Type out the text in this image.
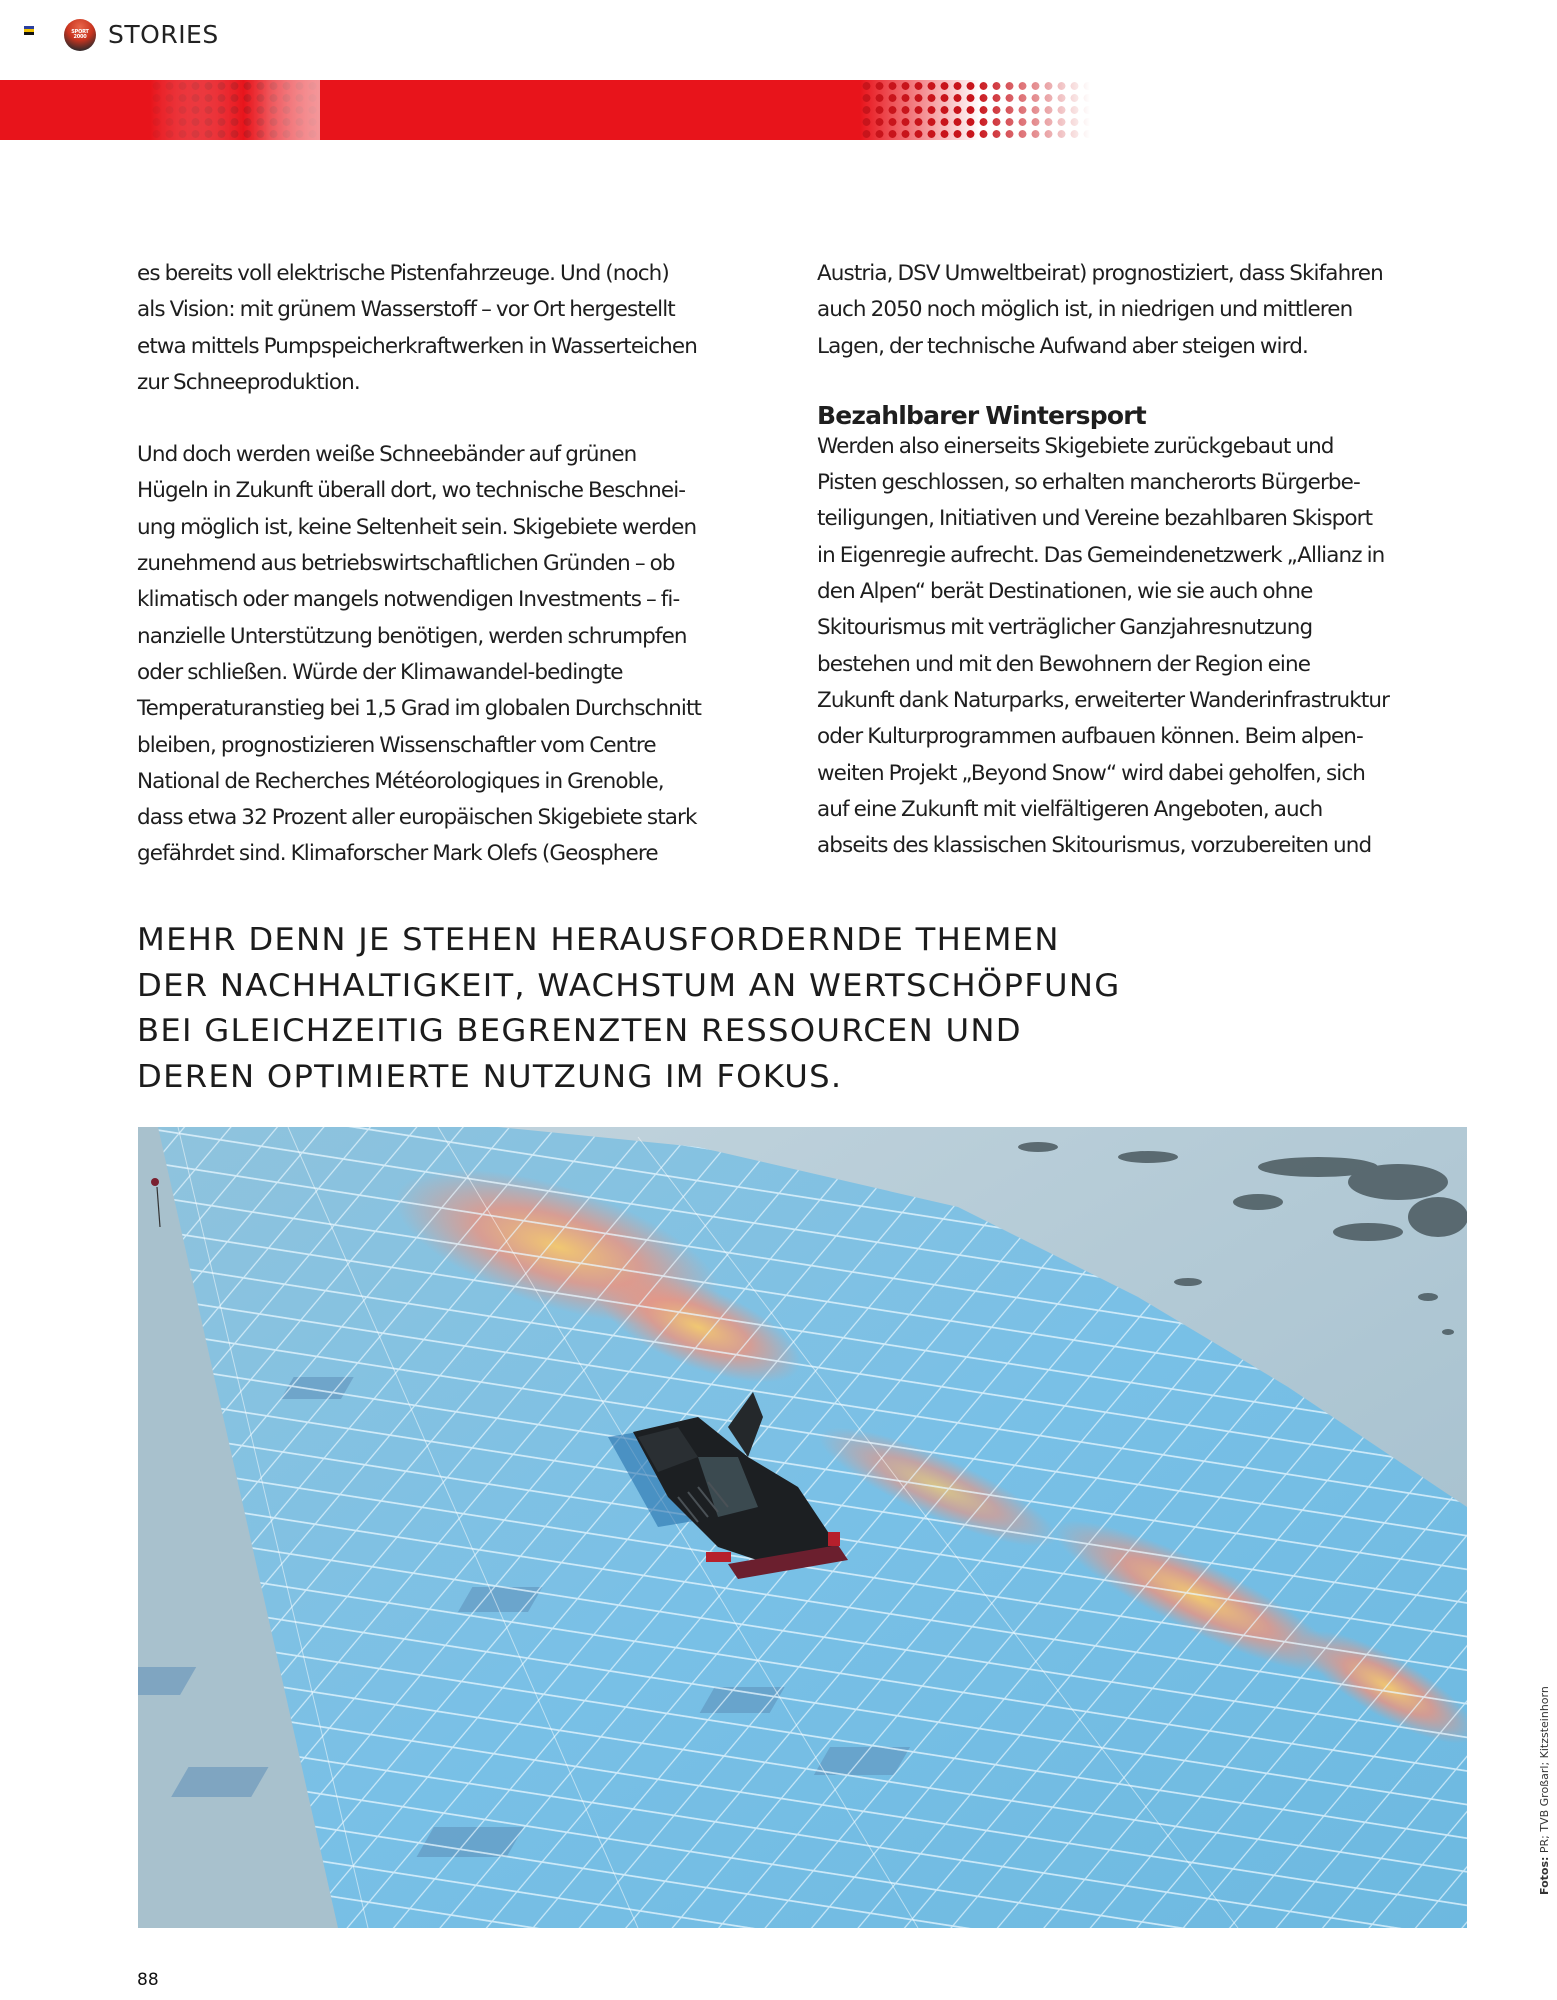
SPORT
2000 STORIES

es bereits voll elektrische Pistenfahrzeuge. Und (noch)
als Vision: mit grünem Wasserstoff – vor Ort hergestellt
etwa mittels Pumpspeicherkraftwerken in Wasserteichen
zur Schneeproduktion.

Und doch werden weiße Schneebänder auf grünen
Hügeln in Zukunft überall dort, wo technische Beschnei-
ung möglich ist, keine Seltenheit sein. Skigebiete werden
zunehmend aus betriebswirtschaftlichen Gründen – ob
klimatisch oder mangels notwendigen Investments – fi-
nanzielle Unterstützung benötigen, werden schrumpfen
oder schließen. Würde der Klimawandel-bedingte
Temperaturanstieg bei 1,5 Grad im globalen Durchschnitt
bleiben, prognostizieren Wissenschaftler vom Centre
National de Recherches Météorologiques in Grenoble,
dass etwa 32 Prozent aller europäischen Skigebiete stark
gefährdet sind. Klimaforscher Mark Olefs (Geosphere

Austria, DSV Umweltbeirat) prognostiziert, dass Skifahren
auch 2050 noch möglich ist, in niedrigen und mittleren
Lagen, der technische Aufwand aber steigen wird.

Bezahlbarer Wintersport
Werden also einerseits Skigebiete zurückgebaut und
Pisten geschlossen, so erhalten mancherorts Bürgerbe-
teiligungen, Initiativen und Vereine bezahlbaren Skisport
in Eigenregie aufrecht. Das Gemeindenetzwerk „Allianz in
den Alpen“ berät Destinationen, wie sie auch ohne
Skitourismus mit verträglicher Ganzjahresnutzung
bestehen und mit den Bewohnern der Region eine
Zukunft dank Naturparks, erweiterter Wanderinfrastruktur
oder Kulturprogrammen aufbauen können. Beim alpen-
weiten Projekt „Beyond Snow“ wird dabei geholfen, sich
auf eine Zukunft mit vielfältigeren Angeboten, auch
abseits des klassischen Skitourismus, vorzubereiten und
MEHR DENN JE STEHEN HERAUSFORDERNDE THEMEN
DER NACHHALTIGKEIT, WACHSTUM AN WERTSCHÖPFUNG
BEI GLEICHZEITIG BEGRENZTEN RESSOURCEN UND
DEREN OPTIMIERTE NUTZUNG IM FOKUS.
Fotos: PR; TVB Großarl; Kitzsteinhorn
88
